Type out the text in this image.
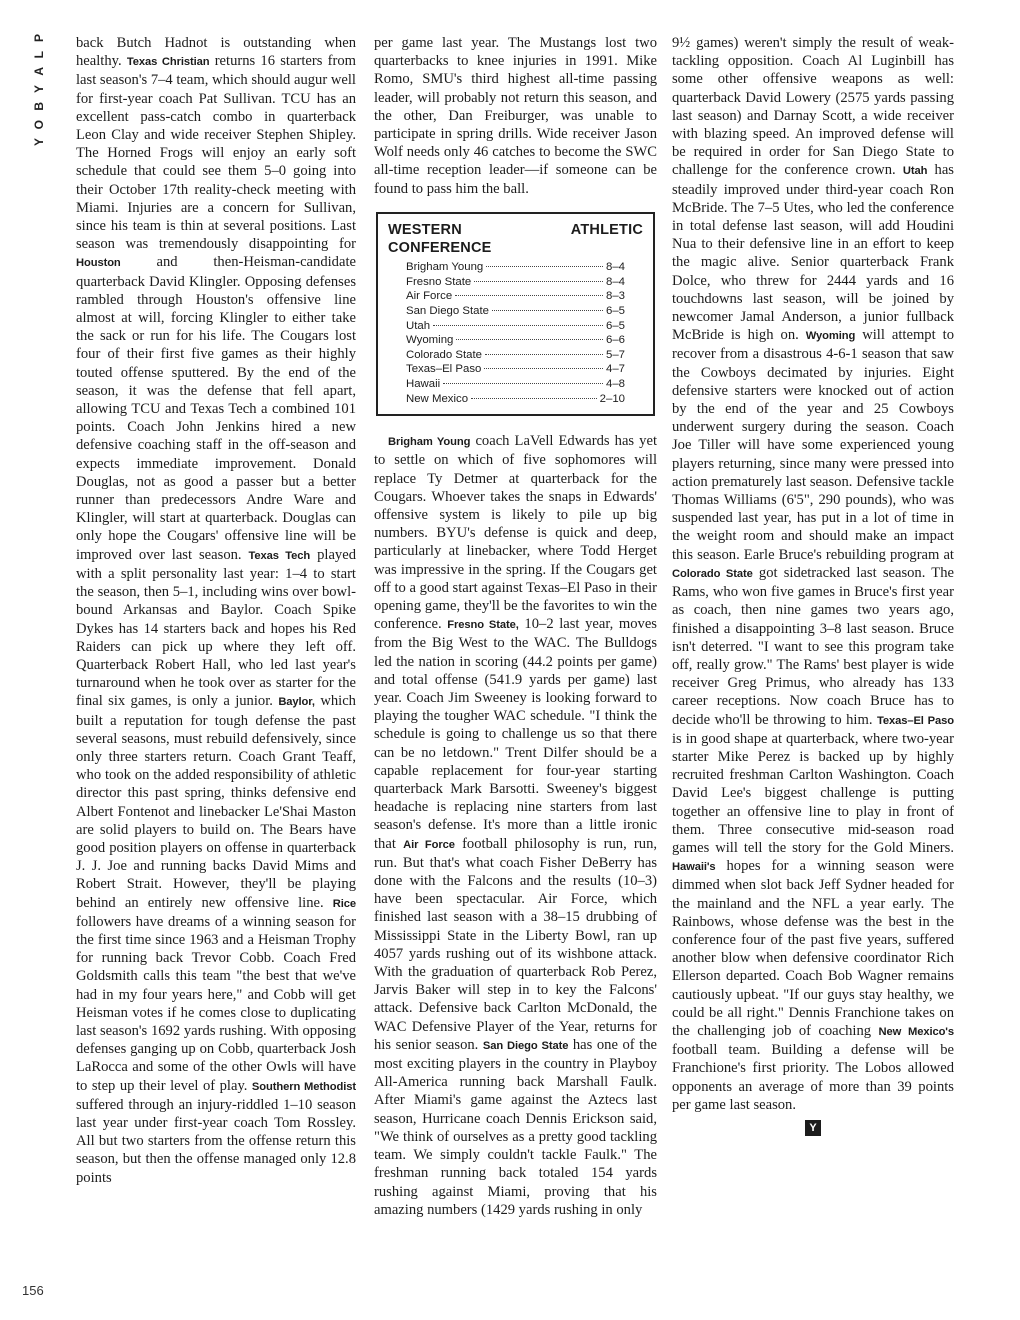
P
L
A
Y
B
O
Y
156

back Butch Hadnot is outstanding when healthy. Texas Christian returns 16 starters from last season's 7–4 team, which should augur well for first-year coach Pat Sullivan. TCU has an excellent pass-catch combo in quarterback Leon Clay and wide receiver Stephen Shipley. The Horned Frogs will enjoy an early soft schedule that could see them 5–0 going into their October 17th reality-check meeting with Miami. Injuries are a concern for Sullivan, since his team is thin at several positions. Last season was tremendously disappointing for Houston and then-Heisman-candidate quarterback David Klingler. Opposing defenses rambled through Houston's offensive line almost at will, forcing Klingler to either take the sack or run for his life. The Cougars lost four of their first five games as their highly touted offense sputtered. By the end of the season, it was the defense that fell apart, allowing TCU and Texas Tech a combined 101 points. Coach John Jenkins hired a new defensive coaching staff in the off-season and expects immediate improvement. Donald Douglas, not as good a passer but a better runner than predecessors Andre Ware and Klingler, will start at quarterback. Douglas can only hope the Cougars' offensive line will be improved over last season. Texas Tech played with a split personality last year: 1–4 to start the season, then 5–1, including wins over bowl-bound Arkansas and Baylor. Coach Spike Dykes has 14 starters back and hopes his Red Raiders can pick up where they left off. Quarterback Robert Hall, who led last year's turnaround when he took over as starter for the final six games, is only a junior. Baylor, which built a reputation for tough defense the past several seasons, must rebuild defensively, since only three starters return. Coach Grant Teaff, who took on the added responsibility of athletic director this past spring, thinks defensive end Albert Fontenot and linebacker Le'Shai Maston are solid players to build on. The Bears have good position players on offense in quarterback J. J. Joe and running backs David Mims and Robert Strait. However, they'll be playing behind an entirely new offensive line. Rice followers have dreams of a winning season for the first time since 1963 and a Heisman Trophy for running back Trevor Cobb. Coach Fred Goldsmith calls this team "the best that we've had in my four years here," and Cobb will get Heisman votes if he comes close to duplicating last season's 1692 yards rushing. With opposing defenses ganging up on Cobb, quarterback Josh LaRocca and some of the other Owls will have to step up their level of play. Southern Methodist suffered through an injury-riddled 1–10 season last year under first-year coach Tom Rossley. All but two starters from the offense return this season, but then the offense managed only 12.8 points

per game last year. The Mustangs lost two quarterbacks to knee injuries in 1991. Mike Romo, SMU's third highest all-time passing leader, will probably not return this season, and the other, Dan Freiburger, was unable to participate in spring drills. Wide receiver Jason Wolf needs only 46 catches to become the SWC all-time reception leader—if someone can be found to pass him the ball.

WESTERN ATHLETIC CONFERENCE
Brigham Young	8–4
Fresno State	8–4
Air Force	8–3
San Diego State	6–5
Utah	6–5
Wyoming	6–6
Colorado State	5–7
Texas–El Paso	4–7
Hawaii	4–8
New Mexico	2–10

Brigham Young coach LaVell Edwards has yet to settle on which of five sophomores will replace Ty Detmer at quarterback for the Cougars. Whoever takes the snaps in Edwards' offensive system is likely to pile up big numbers. BYU's defense is quick and deep, particularly at linebacker, where Todd Herget was impressive in the spring. If the Cougars get off to a good start against Texas–El Paso in their opening game, they'll be the favorites to win the conference. Fresno State, 10–2 last year, moves from the Big West to the WAC. The Bulldogs led the nation in scoring (44.2 points per game) and total offense (541.9 yards per game) last year. Coach Jim Sweeney is looking forward to playing the tougher WAC schedule. "I think the schedule is going to challenge us so that there can be no letdown." Trent Dilfer should be a capable replacement for four-year starting quarterback Mark Barsotti. Sweeney's biggest headache is replacing nine starters from last season's defense. It's more than a little ironic that Air Force football philosophy is run, run, run. But that's what coach Fisher DeBerry has done with the Falcons and the results (10–3) have been spectacular. Air Force, which finished last season with a 38–15 drubbing of Mississippi State in the Liberty Bowl, ran up 4057 yards rushing out of its wishbone attack. With the graduation of quarterback Rob Perez, Jarvis Baker will step in to key the Falcons' attack. Defensive back Carlton McDonald, the WAC Defensive Player of the Year, returns for his senior season. San Diego State has one of the most exciting players in the country in Playboy All-America running back Marshall Faulk. After Miami's game against the Aztecs last season, Hurricane coach Dennis Erickson said, "We think of ourselves as a pretty good tackling team. We simply couldn't tackle Faulk." The freshman running back totaled 154 yards rushing against Miami, proving that his amazing numbers (1429 yards rushing in only

9½ games) weren't simply the result of weak-tackling opposition. Coach Al Luginbill has some other offensive weapons as well: quarterback David Lowery (2575 yards passing last season) and Darnay Scott, a wide receiver with blazing speed. An improved defense will be required in order for San Diego State to challenge for the conference crown. Utah has steadily improved under third-year coach Ron McBride. The 7–5 Utes, who led the conference in total defense last season, will add Houdini Nua to their defensive line in an effort to keep the magic alive. Senior quarterback Frank Dolce, who threw for 2444 yards and 16 touchdowns last season, will be joined by newcomer Jamal Anderson, a junior fullback McBride is high on. Wyoming will attempt to recover from a disastrous 4-6-1 season that saw the Cowboys decimated by injuries. Eight defensive starters were knocked out of action by the end of the year and 25 Cowboys underwent surgery during the season. Coach Joe Tiller will have some experienced young players returning, since many were pressed into action prematurely last season. Defensive tackle Thomas Williams (6'5", 290 pounds), who was suspended last year, has put in a lot of time in the weight room and should make an impact this season. Earle Bruce's rebuilding program at Colorado State got sidetracked last season. The Rams, who won five games in Bruce's first year as coach, then nine games two years ago, finished a disappointing 3–8 last season. Bruce isn't deterred. "I want to see this program take off, really grow." The Rams' best player is wide receiver Greg Primus, who already has 133 career receptions. Now coach Bruce has to decide who'll be throwing to him. Texas–El Paso is in good shape at quarterback, where two-year starter Mike Perez is backed up by highly recruited freshman Carlton Washington. Coach David Lee's biggest challenge is putting together an offensive line to play in front of them. Three consecutive mid-season road games will tell the story for the Gold Miners. Hawaii's hopes for a winning season were dimmed when slot back Jeff Sydner headed for the mainland and the NFL a year early. The Rainbows, whose defense was the best in the conference four of the past five years, suffered another blow when defensive coordinator Rich Ellerson departed. Coach Bob Wagner remains cautiously upbeat. "If our guys stay healthy, we could be all right." Dennis Franchione takes on the challenging job of coaching New Mexico's football team. Building a defense will be Franchione's first priority. The Lobos allowed opponents an average of more than 39 points per game last season.

Y
